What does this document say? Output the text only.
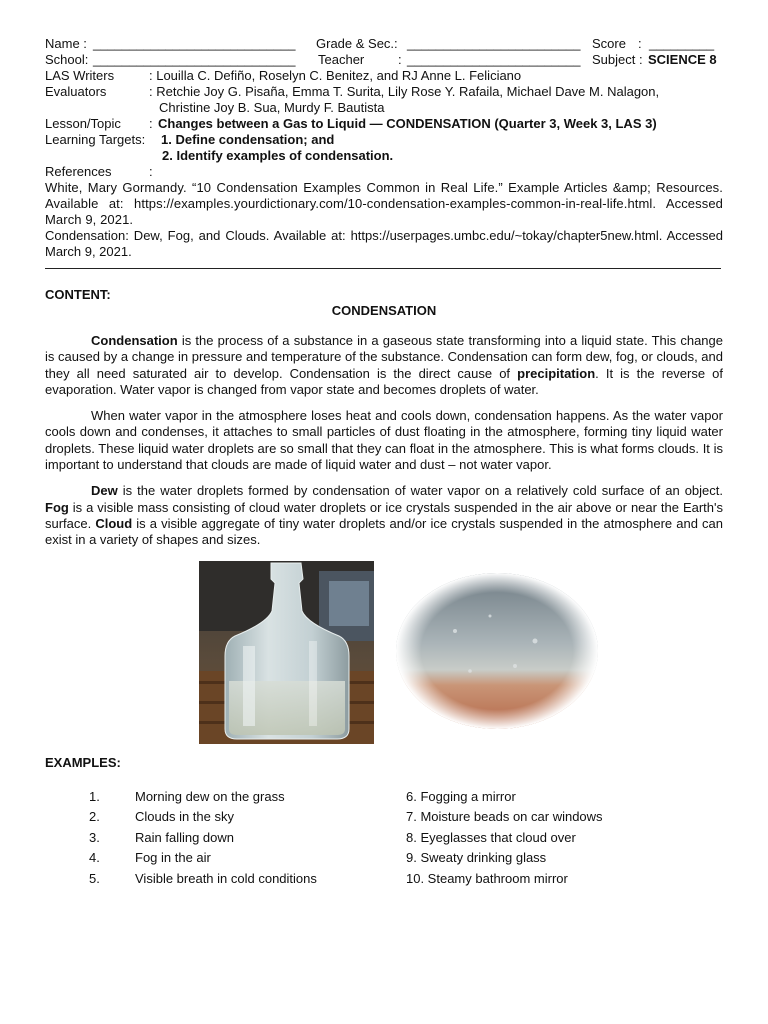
Name : ____________________________ Grade & Sec.: ________________________ Score : _________
School: ____________________________ Teacher	: ________________________ Subject : SCIENCE 8
LAS Writers	: Louilla C. Defiño, Roselyn C. Benitez, and RJ Anne L. Feliciano
Evaluators	: Retchie Joy G. Pisaña, Emma T. Surita, Lily Rose Y. Rafaila, Michael Dave M. Nalagon,
Christine Joy B. Sua, Murdy F. Bautista
Lesson/Topic : Changes between a Gas to Liquid — CONDENSATION (Quarter 3, Week 3, LAS 3)
Learning Targets: 1. Define condensation; and
2. Identify examples of condensation.
References	:
White, Mary Gormandy. “10 Condensation Examples Common in Real Life.” Example Articles &amp; Resources. Available at: https://examples.yourdictionary.com/10-condensation-examples-common-in-real-life.html. Accessed March 9, 2021.
Condensation: Dew, Fog, and Clouds. Available at: https://userpages.umbc.edu/~tokay/chapter5new.html. Accessed March 9, 2021.
CONTENT:
CONDENSATION

Condensation is the process of a substance in a gaseous state transforming into a liquid state. This change is caused by a change in pressure and temperature of the substance. Condensation can form dew, fog, or clouds, and they all need saturated air to develop. Condensation is the direct cause of precipitation. It is the reverse of evaporation. Water vapor is changed from vapor state and becomes droplets of water.

When water vapor in the atmosphere loses heat and cools down, condensation happens. As the water vapor cools down and condenses, it attaches to small particles of dust floating in the atmosphere, forming tiny liquid water droplets. These liquid water droplets are so small that they can float in the atmosphere. This is what forms clouds. It is important to understand that clouds are made of liquid water and dust – not water vapor.

Dew is the water droplets formed by condensation of water vapor on a relatively cold surface of an object. Fog is a visible mass consisting of cloud water droplets or ice crystals suspended in the air above or near the Earth's surface. Cloud is a visible aggregate of tiny water droplets and/or ice crystals suspended in the atmosphere and can exist in a variety of shapes and sizes.

EXAMPLES:
1.	Morning dew on the grass
2.	Clouds in the sky
3.	Rain falling down
4.	Fog in the air
5.	Visible breath in cold conditions
6. Fogging a mirror
7. Moisture beads on car windows
8. Eyeglasses that cloud over
9. Sweaty drinking glass
10. Steamy bathroom mirror
